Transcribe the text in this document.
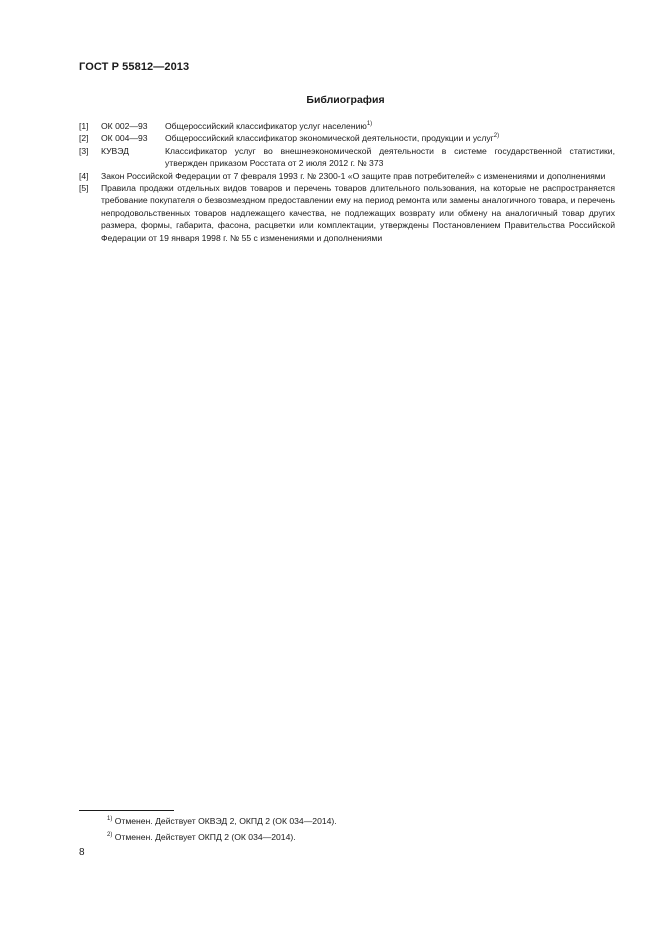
ГОСТ Р 55812—2013
Библиография
[1] ОК 002—93 Общероссийский классификатор услуг населению$^{1)}$
[2] ОК 004—93 Общероссийский классификатор экономической деятельности, продукции и услуг$^{2)}$
[3] КУВЭД	Классификатор услуг во внешнеэкономической деятельности в системе государственной статистики, утвержден приказом Росстата от 2 июля 2012 г. № 373
[4] Закон Российской Федерации от 7 февраля 1993 г. № 2300-1 «О защите прав потребителей» с изменениями и дополнениями
[5] Правила продажи отдельных видов товаров и перечень товаров длительного пользования, на которые не распространяется требование покупателя о безвозмездном предоставлении ему на период ремонта или замены аналогичного товара, и перечень непродовольственных товаров надлежащего качества, не подлежащих возврату или обмену на аналогичный товар других размера, формы, габарита, фасона, расцветки или комплектации, утверждены Постановлением Правительства Российской Федерации от 19 января 1998 г. № 55 с изменениями и дополнениями
$^{1)}$ Отменен. Действует ОКВЭД 2, ОКПД 2 (ОК 034—2014).
$^{2)}$ Отменен. Действует ОКПД 2 (ОК 034—2014).
8
